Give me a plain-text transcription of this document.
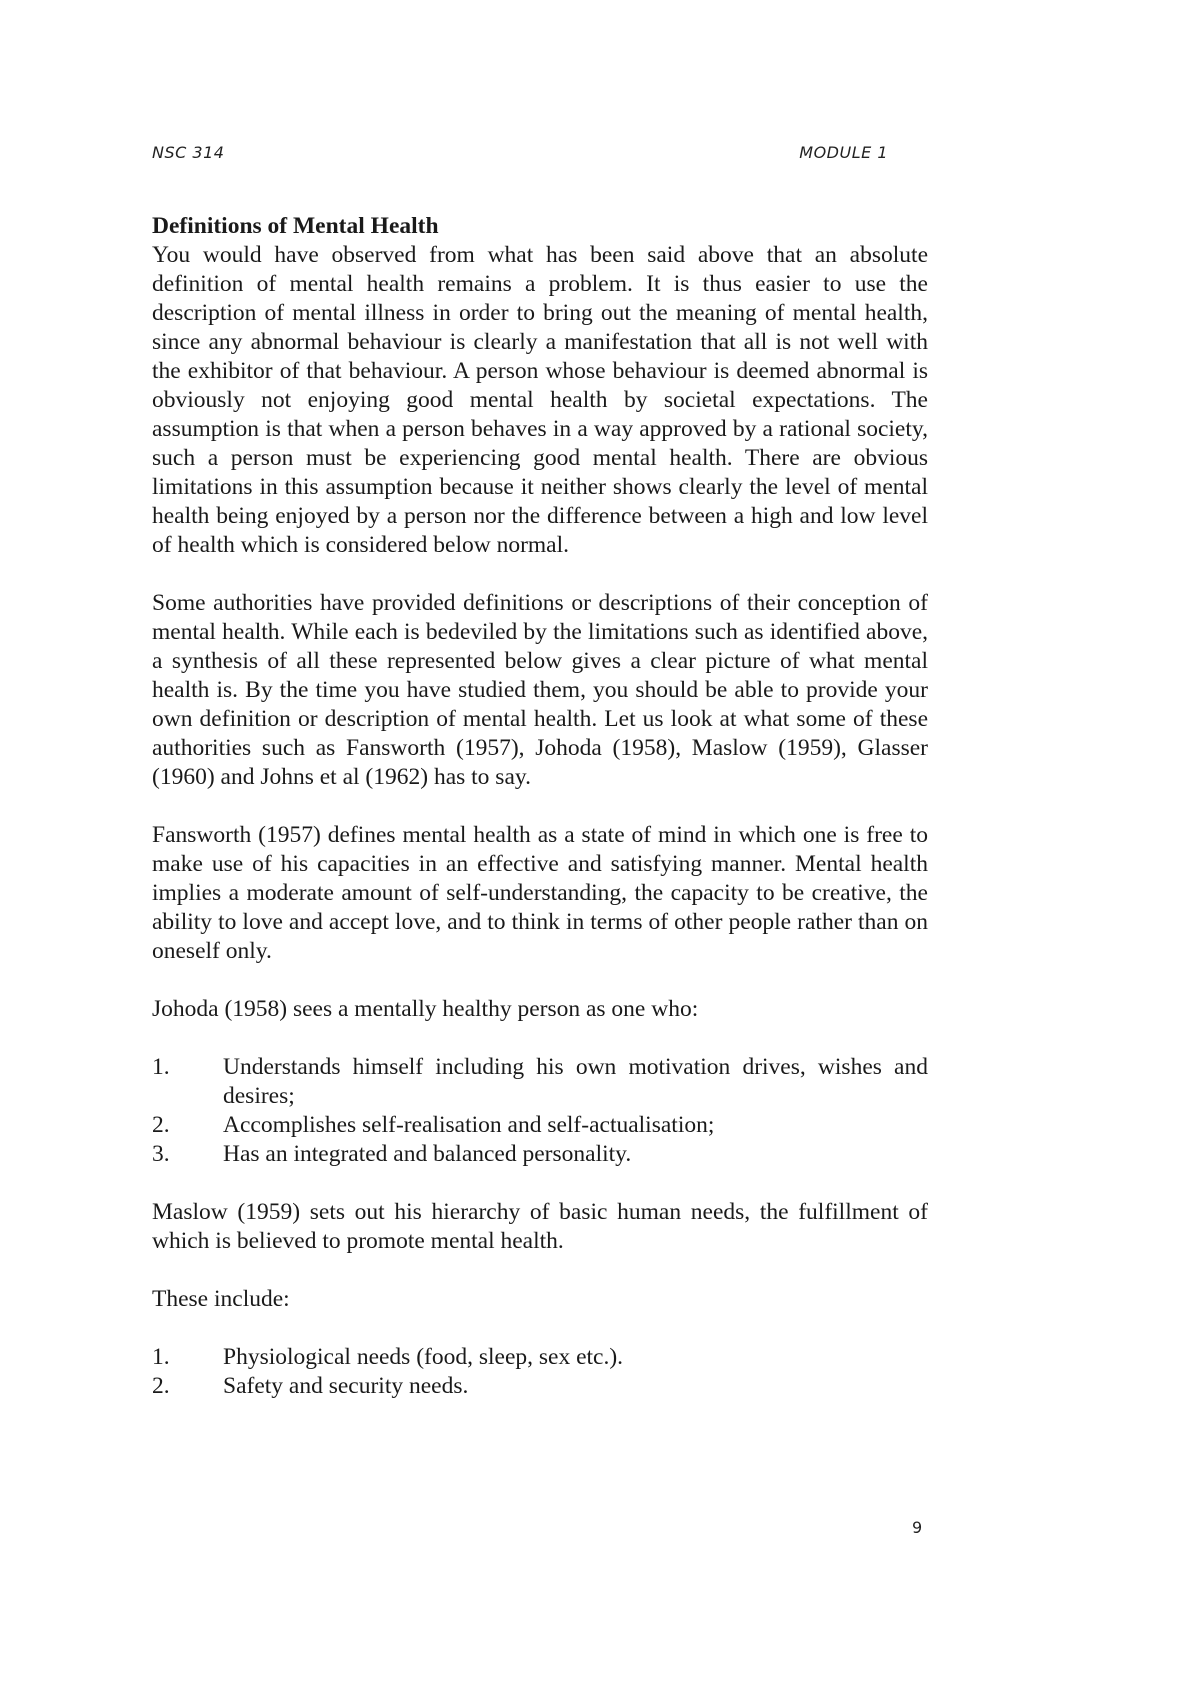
NSC 314	MODULE 1

Definitions of Mental Health

You would have observed from what has been said above that an absolute definition of mental health remains a problem. It is thus easier to use the description of mental illness in order to bring out the meaning of mental health, since any abnormal behaviour is clearly a manifestation that all is not well with the exhibitor of that behaviour. A person whose behaviour is deemed abnormal is obviously not enjoying good mental health by societal expectations. The assumption is that when a person behaves in a way approved by a rational society, such a person must be experiencing good mental health. There are obvious limitations in this assumption because it neither shows clearly the level of mental health being enjoyed by a person nor the difference between a high and low level of health which is considered below normal.

Some authorities have provided definitions or descriptions of their conception of mental health. While each is bedeviled by the limitations such as identified above, a synthesis of all these represented below gives a clear picture of what mental health is. By the time you have studied them, you should be able to provide your own definition or description of mental health. Let us look at what some of these authorities such as Fansworth (1957), Johoda (1958), Maslow (1959), Glasser (1960) and Johns et al (1962) has to say.

Fansworth (1957) defines mental health as a state of mind in which one is free to make use of his capacities in an effective and satisfying manner. Mental health implies a moderate amount of self-understanding, the capacity to be creative, the ability to love and accept love, and to think in terms of other people rather than on oneself only.

Johoda (1958) sees a mentally healthy person as one who:

1.	Understands himself including his own motivation drives, wishes and desires;
2.	Accomplishes self-realisation and self-actualisation;
3.	Has an integrated and balanced personality.

Maslow (1959) sets out his hierarchy of basic human needs, the fulfillment of which is believed to promote mental health.

These include:

1.	Physiological needs (food, sleep, sex etc.).
2.	Safety and security needs.
9
